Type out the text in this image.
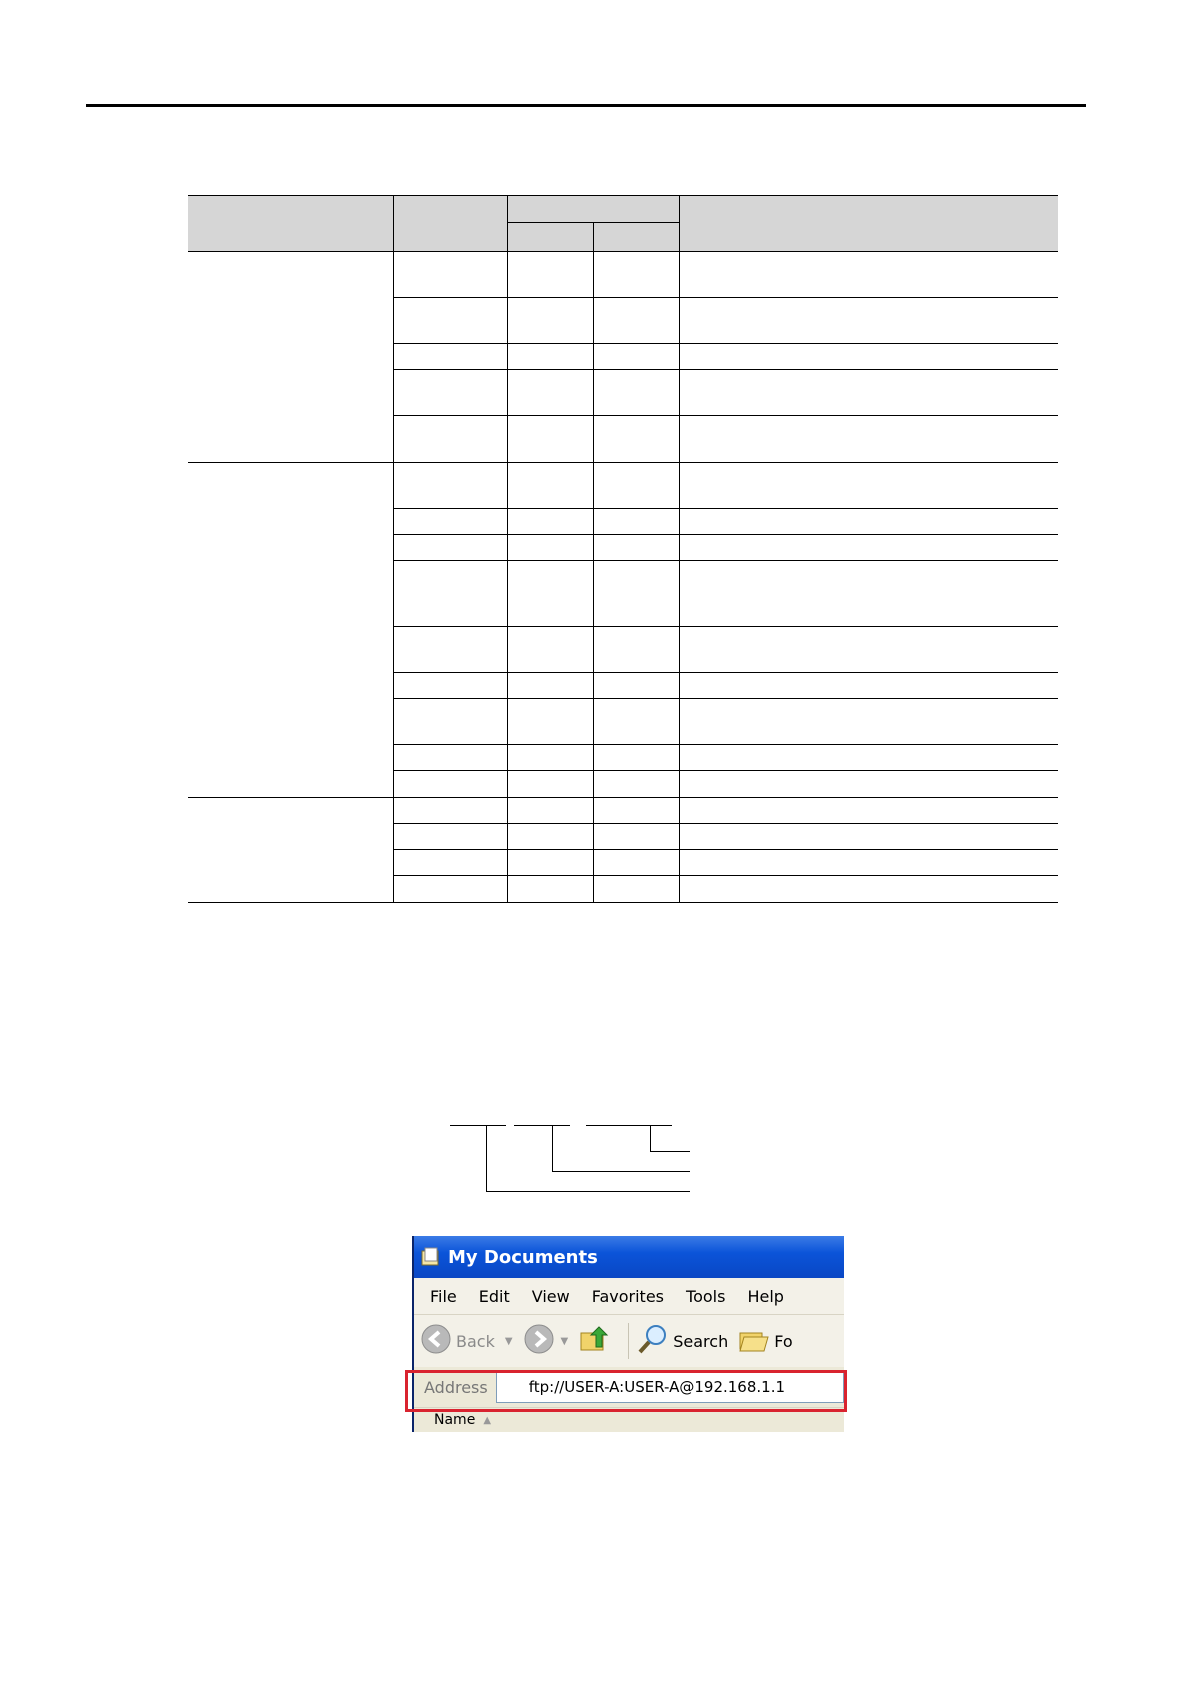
My Documents
File Edit View Favorites Tools Help
Back ▼	▼	Search	Fo
Address	ftp://USER-A:USER-A@192.168.1.1
Name ▲
